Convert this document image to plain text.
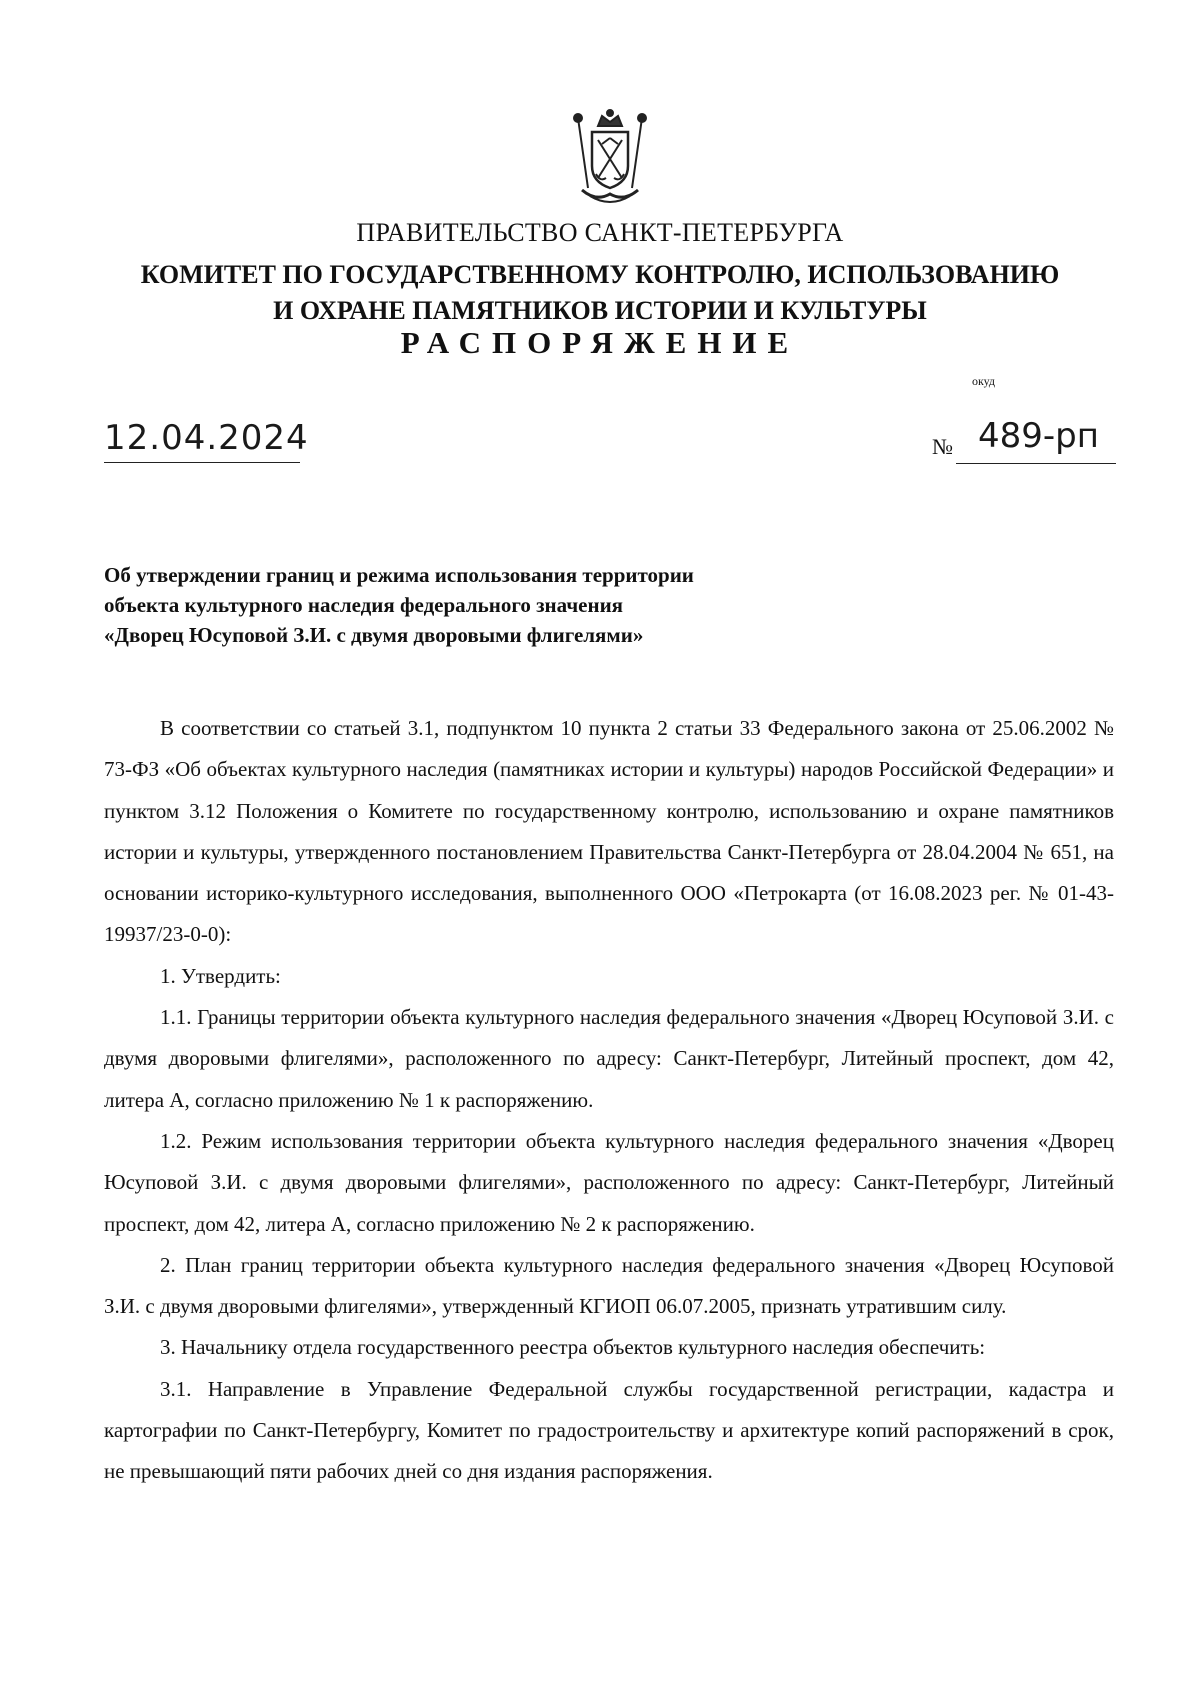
ПРАВИТЕЛЬСТВО САНКТ-ПЕТЕРБУРГА
КОМИТЕТ ПО ГОСУДАРСТВЕННОМУ КОНТРОЛЮ, ИСПОЛЬЗОВАНИЮ
И ОХРАНЕ ПАМЯТНИКОВ ИСТОРИИ И КУЛЬТУРЫ
РАСПОРЯЖЕНИЕ
окуд
12.04.2024	№ 489-рп
Об утверждении границ и режима использования территории
объекта культурного наследия федерального значения
«Дворец Юсуповой З.И. с двумя дворовыми флигелями»

В соответствии со статьей 3.1, подпунктом 10 пункта 2 статьи 33 Федерального закона от 25.06.2002 № 73-ФЗ «Об объектах культурного наследия (памятниках истории и культуры) народов Российской Федерации» и пунктом 3.12 Положения о Комитете по государственному контролю, использованию и охране памятников истории и культуры, утвержденного постановлением Правительства Санкт-Петербурга от 28.04.2004 № 651, на основании историко-культурного исследования, выполненного ООО «Петрокарта (от 16.08.2023 рег. № 01-43-19937/23-0-0):

1. Утвердить:

1.1. Границы территории объекта культурного наследия федерального значения «Дворец Юсуповой З.И. с двумя дворовыми флигелями», расположенного по адресу: Санкт-Петербург, Литейный проспект, дом 42, литера А, согласно приложению № 1 к распоряжению.

1.2. Режим использования территории объекта культурного наследия федерального значения «Дворец Юсуповой З.И. с двумя дворовыми флигелями», расположенного по адресу: Санкт-Петербург, Литейный проспект, дом 42, литера А, согласно приложению № 2 к распоряжению.

2. План границ территории объекта культурного наследия федерального значения «Дворец Юсуповой З.И. с двумя дворовыми флигелями», утвержденный КГИОП 06.07.2005, признать утратившим силу.

3. Начальнику отдела государственного реестра объектов культурного наследия обеспечить:

3.1. Направление в Управление Федеральной службы государственной регистрации, кадастра и картографии по Санкт-Петербургу, Комитет по градостроительству и архитектуре копий распоряжений в срок, не превышающий пяти рабочих дней со дня издания распоряжения.
